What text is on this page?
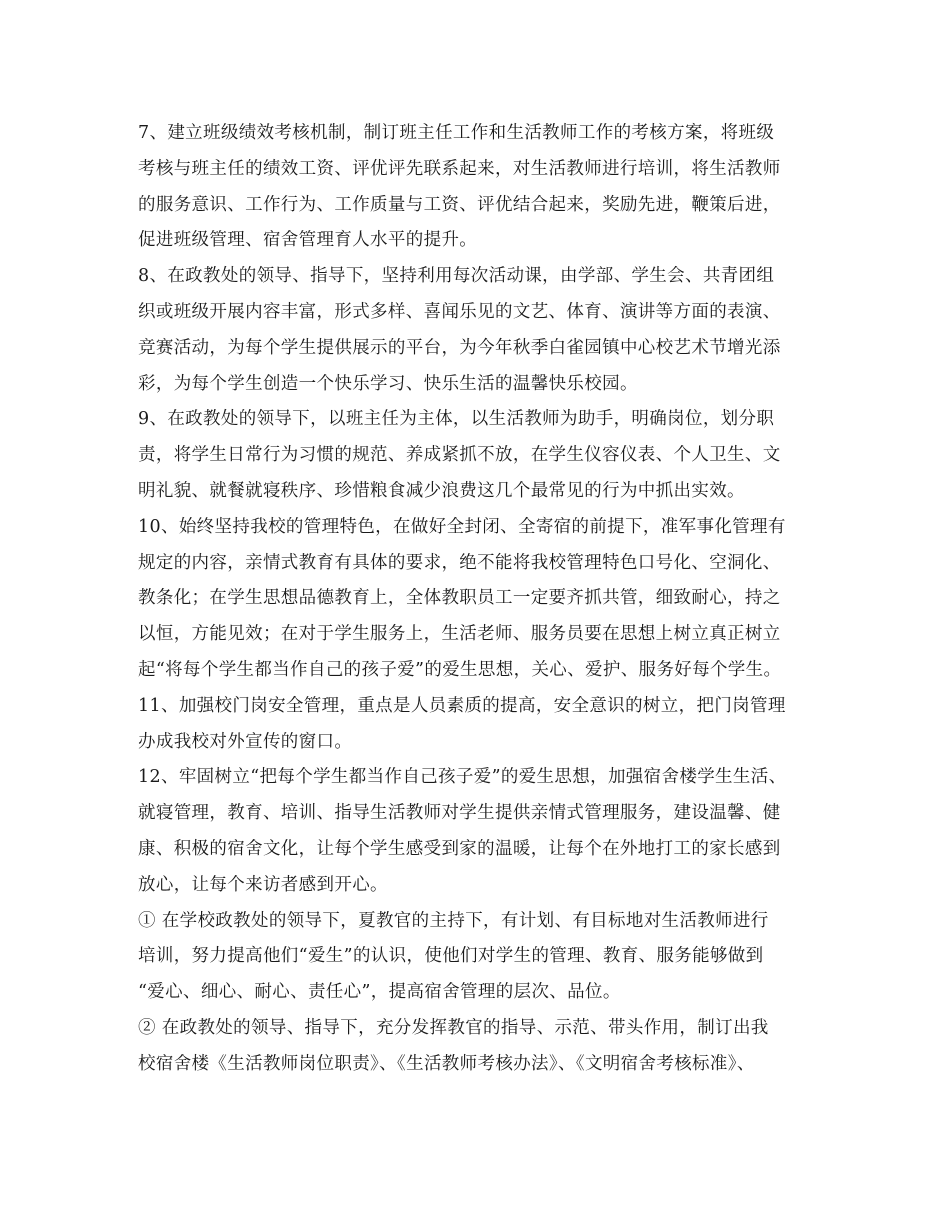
7、建立班级绩效考核机制，制订班主任工作和生活教师工作的考核方案，将班级
考核与班主任的绩效工资、评优评先联系起来，对生活教师进行培训，将生活教师
的服务意识、工作行为、工作质量与工资、评优结合起来，奖励先进，鞭策后进，
促进班级管理、宿舍管理育人水平的提升。
8、在政教处的领导、指导下，坚持利用每次活动课，由学部、学生会、共青团组
织或班级开展内容丰富，形式多样、喜闻乐见的文艺、体育、演讲等方面的表演、
竞赛活动，为每个学生提供展示的平台，为今年秋季白雀园镇中心校艺术节增光添
彩，为每个学生创造一个快乐学习、快乐生活的温馨快乐校园。
9、在政教处的领导下，以班主任为主体，以生活教师为助手，明确岗位，划分职
责，将学生日常行为习惯的规范、养成紧抓不放，在学生仪容仪表、个人卫生、文
明礼貌、就餐就寝秩序、珍惜粮食减少浪费这几个最常见的行为中抓出实效。
10、始终坚持我校的管理特色，在做好全封闭、全寄宿的前提下，准军事化管理有
规定的内容，亲情式教育有具体的要求，绝不能将我校管理特色口号化、空洞化、
教条化；在学生思想品德教育上，全体教职员工一定要齐抓共管，细致耐心，持之
以恒，方能见效；在对于学生服务上，生活老师、服务员要在思想上树立真正树立
起“将每个学生都当作自己的孩子爱”的爱生思想，关心、爱护、服务好每个学生。
11、加强校门岗安全管理，重点是人员素质的提高，安全意识的树立，把门岗管理
办成我校对外宣传的窗口。
12、牢固树立“把每个学生都当作自己孩子爱”的爱生思想，加强宿舍楼学生生活、
就寝管理，教育、培训、指导生活教师对学生提供亲情式管理服务，建设温馨、健
康、积极的宿舍文化，让每个学生感受到家的温暖，让每个在外地打工的家长感到
放心，让每个来访者感到开心。
① 在学校政教处的领导下，夏教官的主持下，有计划、有目标地对生活教师进行
培训，努力提高他们“爱生”的认识，使他们对学生的管理、教育、服务能够做到
“爱心、细心、耐心、责任心”，提高宿舍管理的层次、品位。
② 在政教处的领导、指导下，充分发挥教官的指导、示范、带头作用，制订出我
校宿舍楼《生活教师岗位职责》、《生活教师考核办法》、《文明宿舍考核标准》、
